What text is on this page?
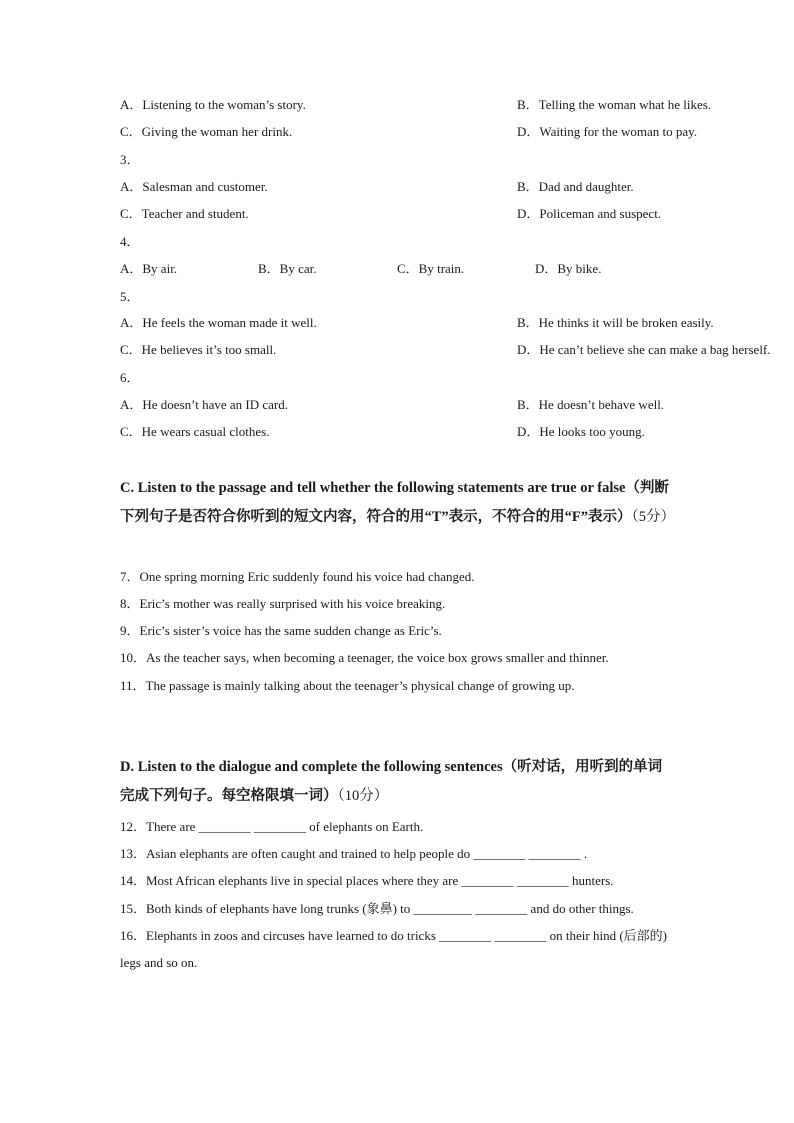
A．Listening to the woman’s story.	B．Telling the woman what he likes.
C．Giving the woman her drink.	D．Waiting for the woman to pay.
3．
A．Salesman and customer.	B．Dad and daughter.
C．Teacher and student.	D．Policeman and suspect.
4．
A．By air.	B．By car.	C．By train.	D．By bike.
5．
A．He feels the woman made it well.	B．He thinks it will be broken easily.
C．He believes it’s too small.	D．He can’t believe she can make a bag herself.
6．
A．He doesn’t have an ID card.	B．He doesn’t behave well.
C．He wears casual clothes.	D．He looks too young.
C. Listen to the passage and tell whether the following statements are true or false（判断下列句子是否符合你听到的短文内容，符合的用“T”表示，不符合的用“F”表示）（5分）
7．One spring morning Eric suddenly found his voice had changed.
8．Eric’s mother was really surprised with his voice breaking.
9．Eric’s sister’s voice has the same sudden change as Eric’s.
10．As the teacher says, when becoming a teenager, the voice box grows smaller and thinner.
11．The passage is mainly talking about the teenager’s physical change of growing up.
D. Listen to the dialogue and complete the following sentences（听对话，用听到的单词完成下列句子。每空格限填一词）（10分）
12．There are ________ ________ of elephants on Earth.
13．Asian elephants are often caught and trained to help people do ________ ________ .
14．Most African elephants live in special places where they are ________ ________ hunters.
15．Both kinds of elephants have long trunks (象鼻) to _________ ________ and do other things.
16．Elephants in zoos and circuses have learned to do tricks ________ ________ on their hind (后部的) legs and so on.
